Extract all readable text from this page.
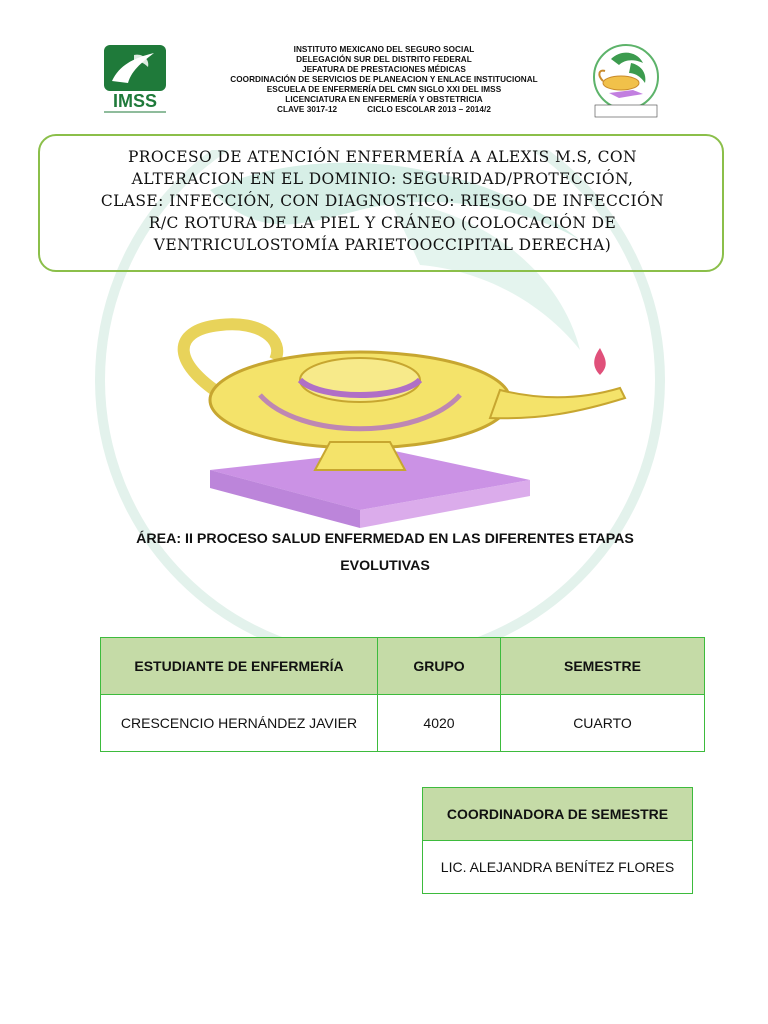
IMSS
INSTITUTO MEXICANO DEL SEGURO SOCIAL
DELEGACIÓN SUR DEL DISTRITO FEDERAL
JEFATURA DE PRESTACIONES MÉDICAS
COORDINACIÓN DE SERVICIOS DE PLANEACION Y ENLACE INSTITUCIONAL
ESCUELA DE ENFERMERÍA DEL CMN SIGLO XXI DEL IMSS
LICENCIATURA EN ENFERMERÍA Y OBSTETRICIA
CLAVE 3017-12	CICLO ESCOLAR 2013 – 2014/2
PROCESO DE ATENCIÓN ENFERMERÍA A ALEXIS M.S, CON
ALTERACION EN EL DOMINIO: SEGURIDAD/PROTECCIÓN,
CLASE: INFECCIÓN, CON DIAGNOSTICO: RIESGO DE INFECCIÓN
R/C ROTURA DE LA PIEL Y CRÁNEO (COLOCACIÓN DE
VENTRICULOSTOMÍA PARIETOOCCIPITAL DERECHA)
ÁREA: II PROCESO SALUD ENFERMEDAD EN LAS DIFERENTES ETAPAS
EVOLUTIVAS
ESTUDIANTE DE ENFERMERÍA	GRUPO	SEMESTRE
CRESCENCIO HERNÁNDEZ JAVIER	4020	CUARTO
COORDINADORA DE SEMESTRE
LIC. ALEJANDRA BENÍTEZ FLORES
